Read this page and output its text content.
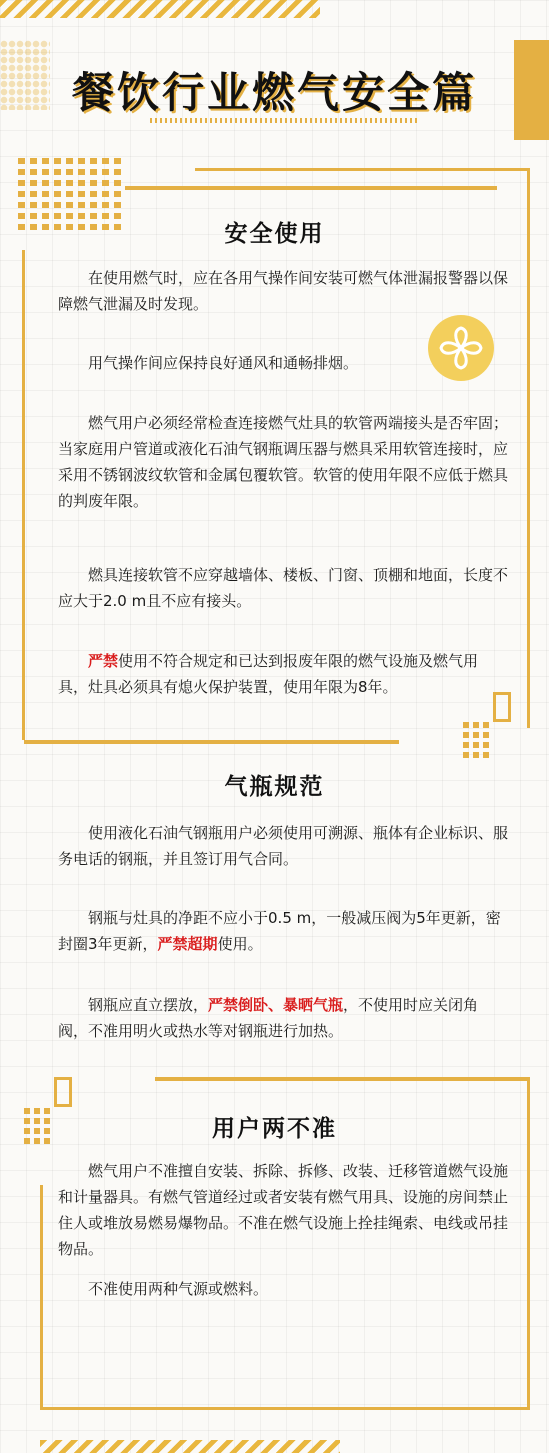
餐饮行业燃气安全篇
安全使用
在使用燃气时，应在各用气操作间安装可燃气体泄漏报警器以保障燃气泄漏及时发现。
用气操作间应保持良好通风和通畅排烟。
燃气用户必须经常检查连接燃气灶具的软管两端接头是否牢固；当家庭用户管道或液化石油气钢瓶调压器与燃具采用软管连接时，应采用不锈钢波纹软管和金属包覆软管。软管的使用年限不应低于燃具的判废年限。
燃具连接软管不应穿越墙体、楼板、门窗、顶棚和地面，长度不应大于2.0 m且不应有接头。
严禁使用不符合规定和已达到报废年限的燃气设施及燃气用具，灶具必须具有熄火保护装置，使用年限为8年。
气瓶规范
使用液化石油气钢瓶用户必须使用可溯源、瓶体有企业标识、服务电话的钢瓶，并且签订用气合同。
钢瓶与灶具的净距不应小于0.5 m，一般减压阀为5年更新，密封圈3年更新，严禁超期使用。
钢瓶应直立摆放，严禁倒卧、暴晒气瓶，不使用时应关闭角阀，不准用明火或热水等对钢瓶进行加热。
用户两不准
燃气用户不准擅自安装、拆除、拆修、改装、迁移管道燃气设施和计量器具。有燃气管道经过或者安装有燃气用具、设施的房间禁止住人或堆放易燃易爆物品。不准在燃气设施上拴挂绳索、电线或吊挂物品。
不准使用两种气源或燃料。
